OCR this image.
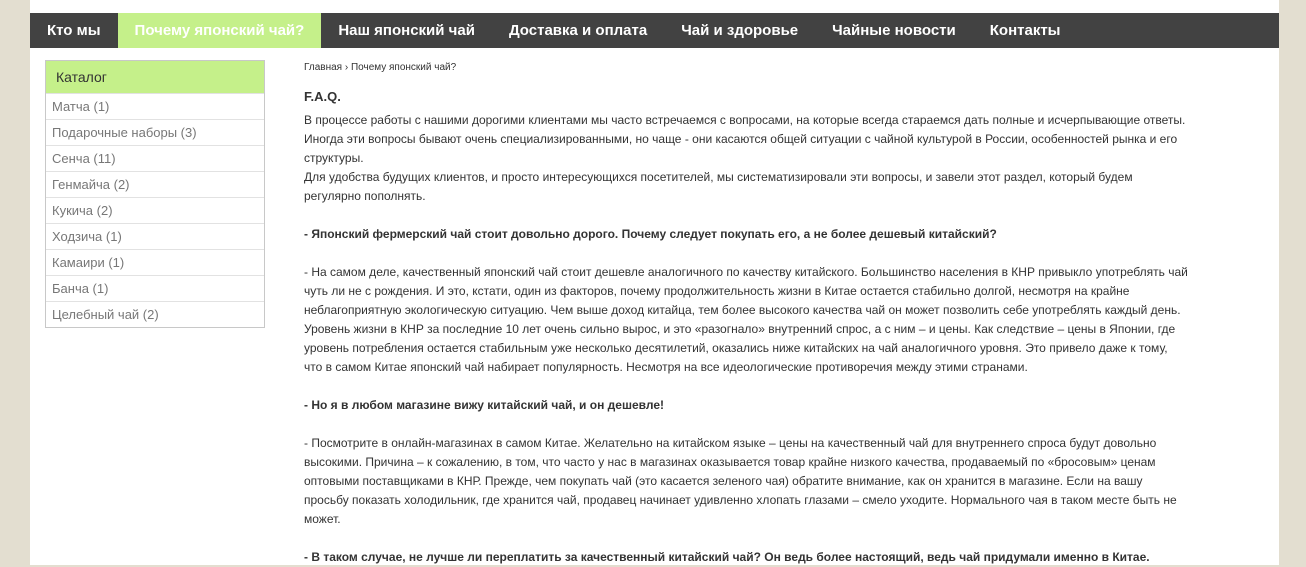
Кто мы	Почему японский чай?	Наш японский чай	Доставка и оплата	Чай и здоровье	Чайные новости	Контакты
Каталог
Матча (1)
Подарочные наборы (3)
Сенча (11)
Генмайча (2)
Кукича (2)
Ходзича (1)
Камаири (1)
Банча (1)
Целебный чай (2)
Главная › Почему японский чай?
F.A.Q.
В процессе работы с нашими дорогими клиентами мы часто встречаемся с вопросами, на которые всегда стараемся дать полные и исчерпывающие ответы. Иногда эти вопросы бывают очень специализированными, но чаще - они касаются общей ситуации с чайной культурой в России, особенностей рынка и его структуры.
Для удобства будущих клиентов, и просто интересующихся посетителей, мы систематизировали эти вопросы, и завели этот раздел, который будем регулярно пополнять.
- Японский фермерский чай стоит довольно дорого. Почему следует покупать его, а не более дешевый китайский?
- На самом деле, качественный японский чай стоит дешевле аналогичного по качеству китайского. Большинство населения в КНР привыкло употреблять чай чуть ли не с рождения. И это, кстати, один из факторов, почему продолжительность жизни в Китае остается стабильно долгой, несмотря на крайне неблагоприятную экологическую ситуацию. Чем выше доход китайца, тем более высокого качества чай он может позволить себе употреблять каждый день. Уровень жизни в КНР за последние 10 лет очень сильно вырос, и это «разогнало» внутренний спрос, а с ним – и цены. Как следствие – цены в Японии, где уровень потребления остается стабильным уже несколько десятилетий, оказались ниже китайских на чай аналогичного уровня. Это привело даже к тому, что в самом Китае японский чай набирает популярность. Несмотря на все идеологические противоречия между этими странами.
- Но я в любом магазине вижу китайский чай, и он дешевле!
- Посмотрите в онлайн-магазинах в самом Китае. Желательно на китайском языке – цены на качественный чай для внутреннего спроса будут довольно высокими. Причина – к сожалению, в том, что часто у нас в магазинах оказывается товар крайне низкого качества, продаваемый по «бросовым» ценам оптовыми поставщиками в КНР. Прежде, чем покупать чай (это касается зеленого чая) обратите внимание, как он хранится в магазине. Если на вашу просьбу показать холодильник, где хранится чай, продавец начинает удивленно хлопать глазами – смело уходите. Нормального чая в таком месте быть не может.
- В таком случае, не лучше ли переплатить за качественный китайский чай? Он ведь более настоящий, ведь чай придумали именно в Китае.
